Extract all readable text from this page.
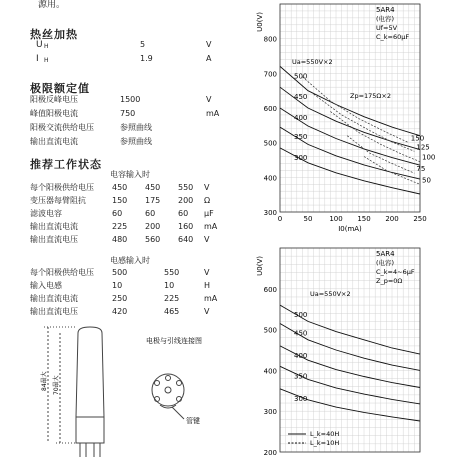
源用。
热丝加热
U H	5	V
I H	1.9	A
极限额定值
阳极反峰电压	1500	V
峰值阳极电流	750	mA
阳极交流供给电压	参照曲线
输出直流电流	参照曲线
推荐工作状态
电容输入时
每个阳极供给电压 450 450 550 V
变压器每臂阻抗	150 175 200 Ω
滤波电容	60	60	60 μF
输出直流电流	225 200 160 mA
输出直流电压	480 560 640 V
电感输入时
每个阳极供给电压 500	550	V
输入电感	10	10	H
输出直流电流	250	225	mA
输出直流电压	420	465	V
84最大 70最大
电极与引线连接图
管键
300
400
500
600
700
800
0	50 100 150 200 250
U0(V)
I0(mA)
500
450
400
350
300
150
125
100
75
50
5AR4
(电容)
Uf=5V
C_k=60μF
Ua=550V×2
Zp=175Ω×2
200
300
400
500
600
U0(V)
500
450
400
350
300
5AR4
(电容)
C_k=4~6μF
Z_p=0Ω
Ua=550V×2
L_k=40H
L_k=10H
